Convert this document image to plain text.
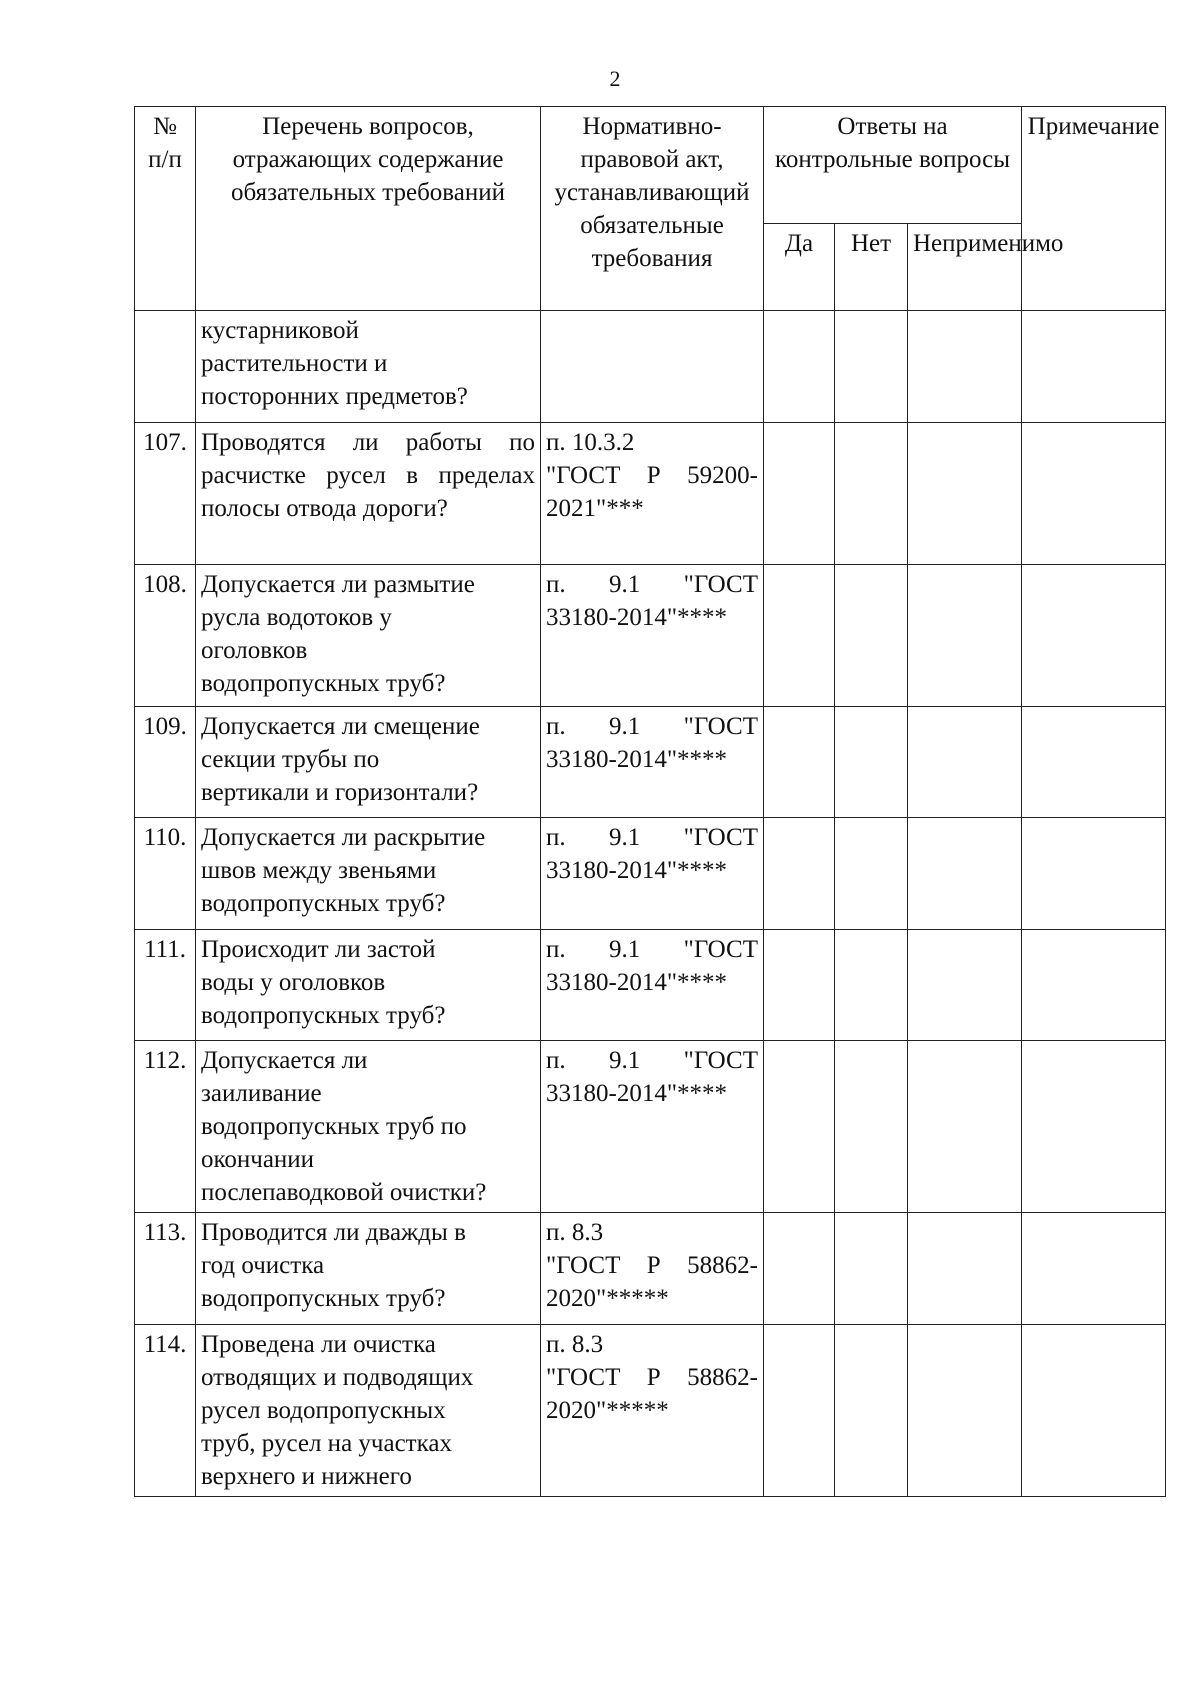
2
№ п/п	Перечень вопросов, отражающих содержание обязательных требований	Нормативно-правовой акт, устанавливающий обязательные требования	Ответы на контрольные вопросы			Примечание
			Да	Нет	Неприменимо	

	кустарниковой
растительности и
посторонних предметов?					

107.	Проводятся ли работы по расчистке русел в пределах полосы отвода дороги?	п. 10.3.2
"ГОСТ Р 59200-2021"***				

108.	Допускается ли размытие
русла водотоков у
оголовков
водопропускных труб?	п. 9.1 "ГОСТ 33180-2014"****				

109.	Допускается ли смещение
секции трубы по
вертикали и горизонтали?	п. 9.1 "ГОСТ 33180-2014"****				

110.	Допускается ли раскрытие
швов между звеньями
водопропускных труб?	п. 9.1 "ГОСТ 33180-2014"****				

111.	Происходит ли застой
воды у оголовков
водопропускных труб?	п. 9.1 "ГОСТ 33180-2014"****				

112.	Допускается ли
заиливание
водопропускных труб по
окончании
послепаводковой очистки?	п. 9.1 "ГОСТ 33180-2014"****				

113.	Проводится ли дважды в
год очистка
водопропускных труб?	п. 8.3
"ГОСТ Р 58862-2020"*****				

114.	Проведена ли очистка
отводящих и подводящих
русел водопропускных
труб, русел на участках
верхнего и нижнего	п. 8.3
"ГОСТ Р 58862-2020"*****				
